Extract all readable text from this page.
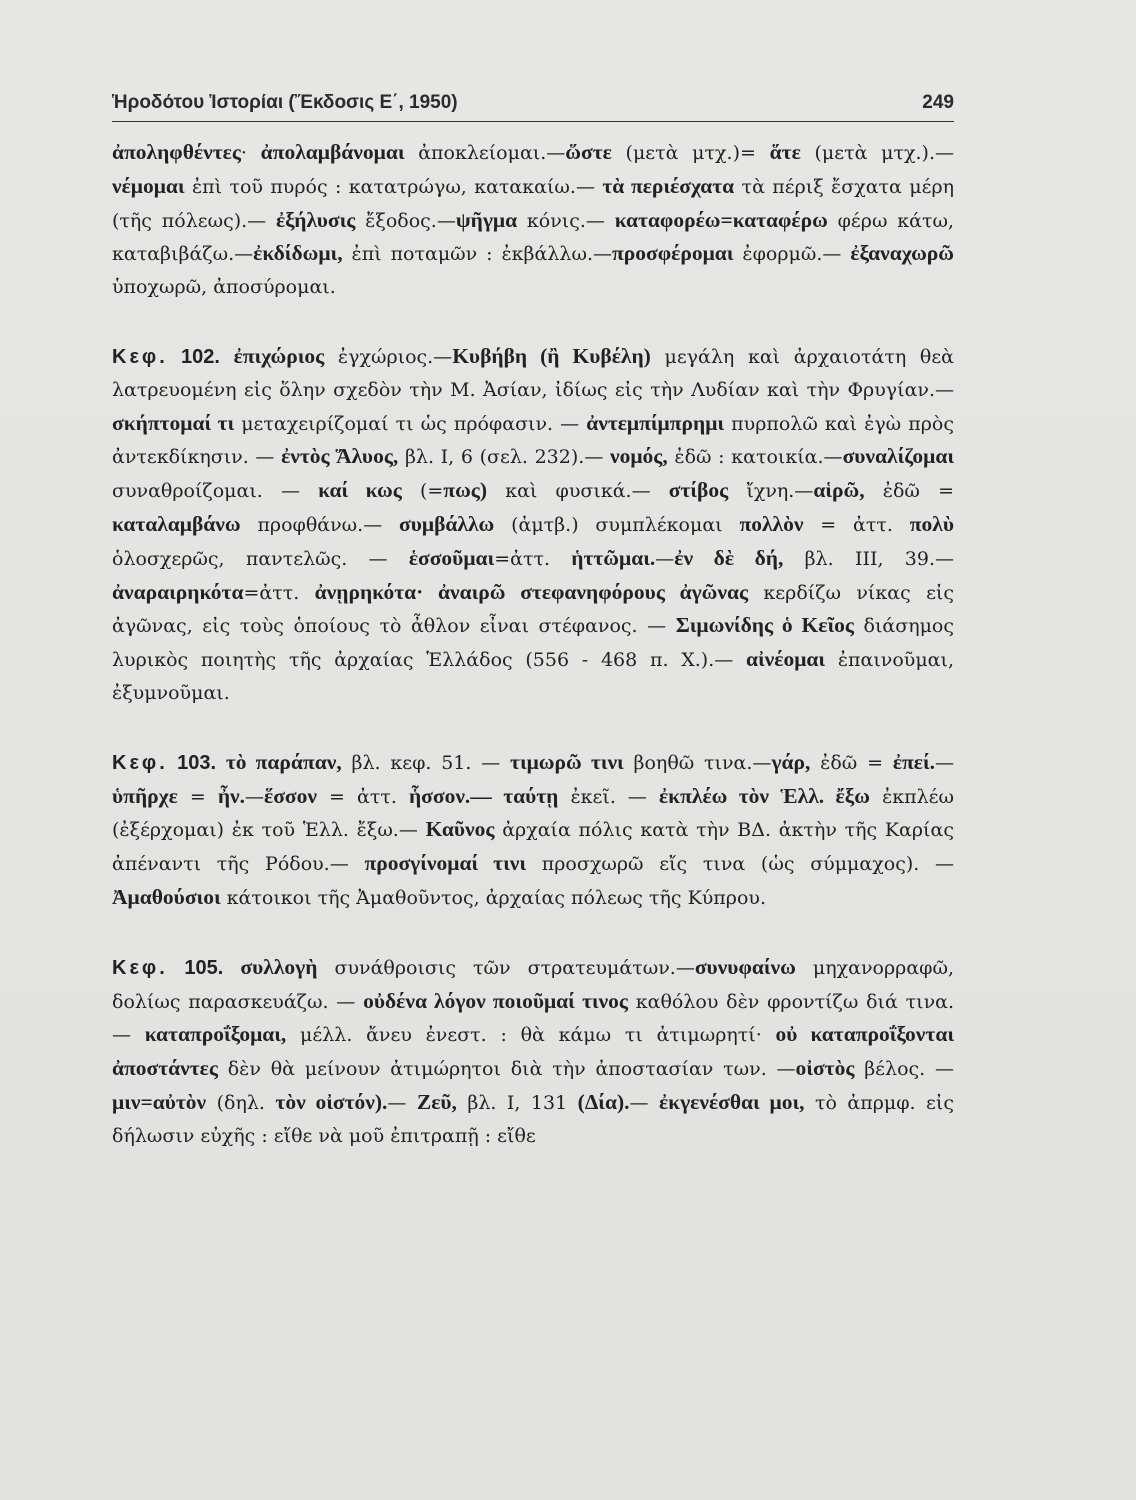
Ἡροδότου Ἱστορίαι (Ἔκδοσις Ε΄, 1950)	249

ἀποληφθέντες· ἀπολαμβάνομαι ἀποκλείομαι.—ὥστε (μετὰ μτχ.)= ἅτε (μετὰ μτχ.).— νέμομαι ἐπὶ τοῦ πυρός : κατατρώγω, κατακαίω.— τὰ περιέσχατα τὰ πέριξ ἔσχατα μέρη (τῆς πόλεως).— ἐξήλυσις ἔξοδος.—ψῆγμα κόνις.— καταφορέω=καταφέρω φέρω κάτω, καταβιβάζω.—ἐκδίδωμι, ἐπὶ ποταμῶν : ἐκβάλλω.—προσφέρομαι ἐφορμῶ.— ἐξαναχωρῶ ὑποχωρῶ, ἀποσύρομαι.

Κεφ. 102. ἐπιχώριος ἐγχώριος.—Κυβήβη (ἢ Κυβέλη) μεγάλη καὶ ἀρχαιοτάτη θεὰ λατρευομένη εἰς ὅλην σχεδὸν τὴν Μ. Ἀσίαν, ἰδίως εἰς τὴν Λυδίαν καὶ τὴν Φρυγίαν.—σκήπτομαί τι μεταχειρίζομαί τι ὡς πρόφασιν. — ἀντεμπίμπρημι πυρπολῶ καὶ ἐγὼ πρὸς ἀντεκδίκησιν. — ἐντὸς Ἅλυος, βλ. Ι, 6 (σελ. 232).— νομός, ἐδῶ : κατοικία.—συναλίζομαι συναθροίζομαι. — καί κως (=πως) καὶ φυσικά.— στίβος ἴχνη.—αἱρῶ, ἐδῶ = καταλαμβάνω προφθάνω.— συμβάλλω (ἀμτβ.) συμπλέκομαι πολλὸν = ἀττ. πολὺ ὁλοσχερῶς, παντελῶς. — ἑσσοῦμαι=ἀττ. ἡττῶμαι.—ἐν δὲ δή, βλ. ΙΙΙ, 39.—ἀναραιρηκότα=ἀττ. ἀνῃρηκότα· ἀναιρῶ στεφανηφόρους ἀγῶνας κερδίζω νίκας εἰς ἀγῶνας, εἰς τοὺς ὁποίους τὸ ἆθλον εἶναι στέφανος. — Σιμωνίδης ὁ Κεῖος διάσημος λυρικὸς ποιητὴς τῆς ἀρχαίας Ἑλλάδος (556 - 468 π. Χ.).— αἰνέομαι ἐπαινοῦμαι, ἐξυμνοῦμαι.

Κεφ. 103. τὸ παράπαν, βλ. κεφ. 51. — τιμωρῶ τινι βοηθῶ τινα.—γάρ, ἐδῶ = ἐπεί.—ὑπῆρχε = ἦν.—ἕσσον = ἀττ. ἧσσον.— ταύτῃ ἐκεῖ. — ἐκπλέω τὸν Ἑλλ. ἔξω ἐκπλέω (ἐξέρχομαι) ἐκ τοῦ Ἑλλ. ἔξω.— Καῦνος ἀρχαία πόλις κατὰ τὴν ΒΔ. ἀκτὴν τῆς Καρίας ἀπέναντι τῆς Ρόδου.— προσγίνομαί τινι προσχωρῶ εἴς τινα (ὡς σύμμαχος). — Ἀμαθούσιοι κάτοικοι τῆς Ἀμαθοῦντος, ἀρχαίας πόλεως τῆς Κύπρου.

Κεφ. 105. συλλογὴ συνάθροισις τῶν στρατευμάτων.—συνυφαίνω μηχανορραφῶ, δολίως παρασκευάζω. — οὐδένα λόγον ποιοῦμαί τινος καθόλου δὲν φροντίζω διά τινα. — καταπροΐξομαι, μέλλ. ἄνευ ἐνεστ. : θὰ κάμω τι ἀτιμωρητί· οὐ καταπροΐξονται ἀποστάντες δὲν θὰ μείνουν ἀτιμώρητοι διὰ τὴν ἀποστασίαν των. —οἰστὸς βέλος. — μιν=αὐτὸν (δηλ. τὸν οἰστόν).— Ζεῦ, βλ. Ι, 131 (Δία).— ἐκγενέσθαι μοι, τὸ ἀπρμφ. εἰς δήλωσιν εὐχῆς : εἴθε νὰ μοῦ ἐπιτραπῇ : εἴθε
